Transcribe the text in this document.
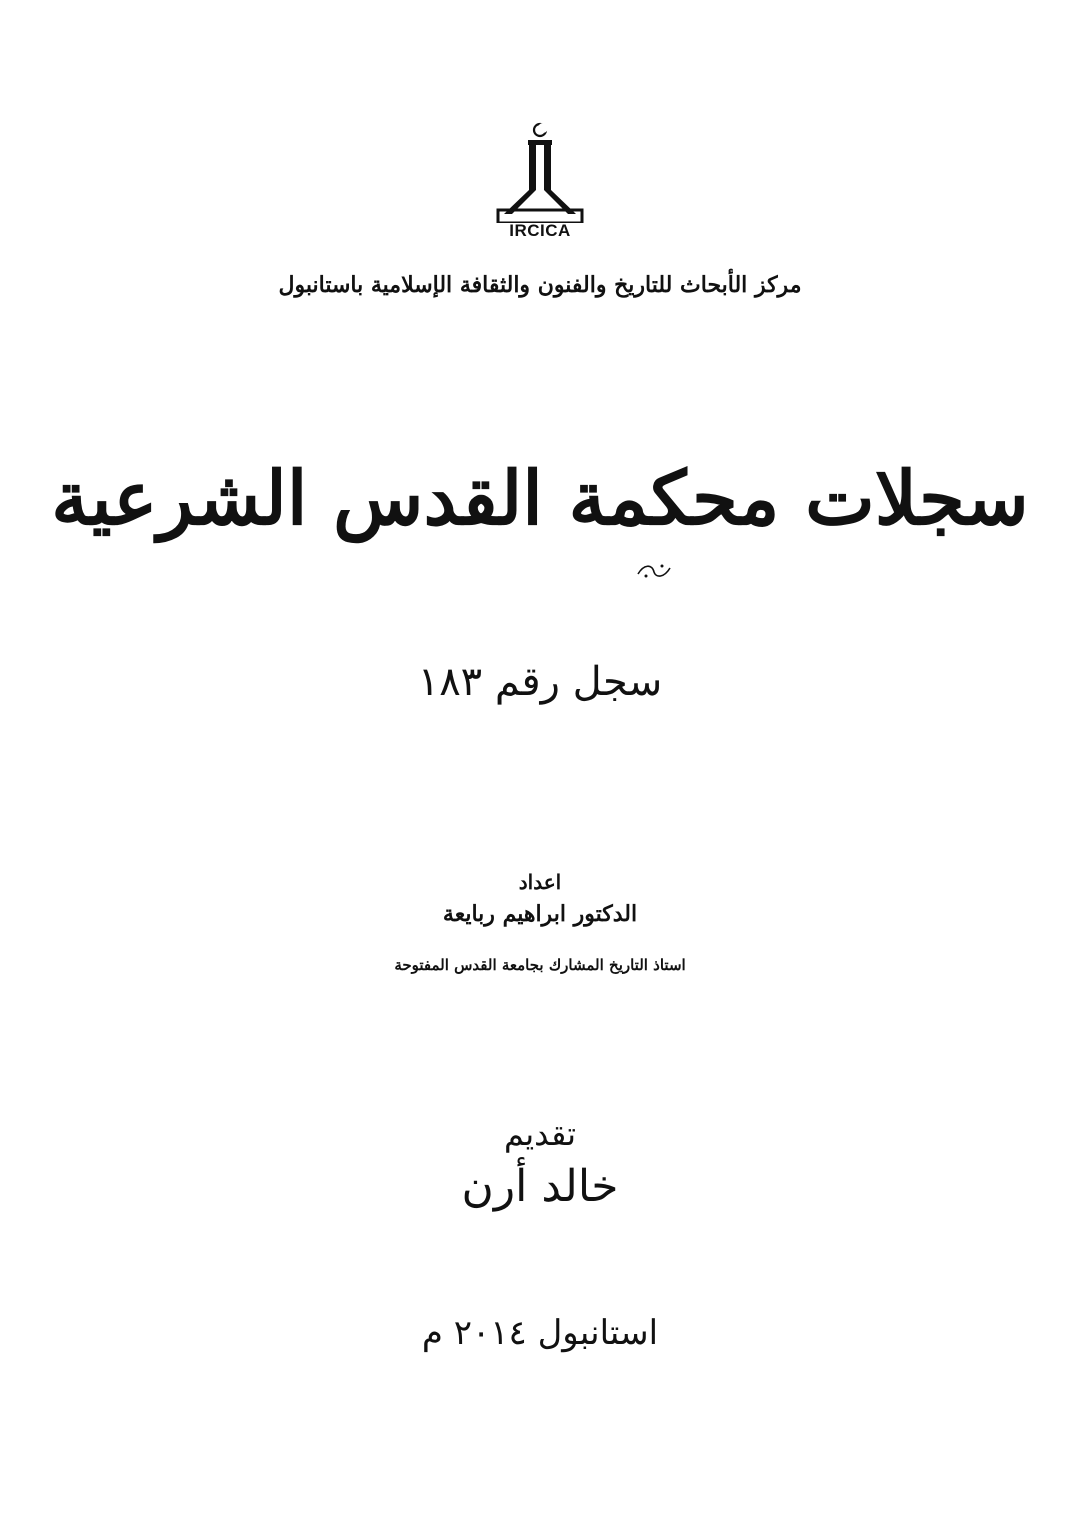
IRCICA
مركز الأبحاث للتاريخ والفنون والثقافة الإسلامية باستانبول
سجلات محكمة القدس الشرعية
سجل رقم ١٨٣
اعداد
الدكتور ابراهيم ربايعة
استاذ التاريخ المشارك بجامعة القدس المفتوحة
تقديم
خالد أرن
استانبول ٢٠١٤ م
